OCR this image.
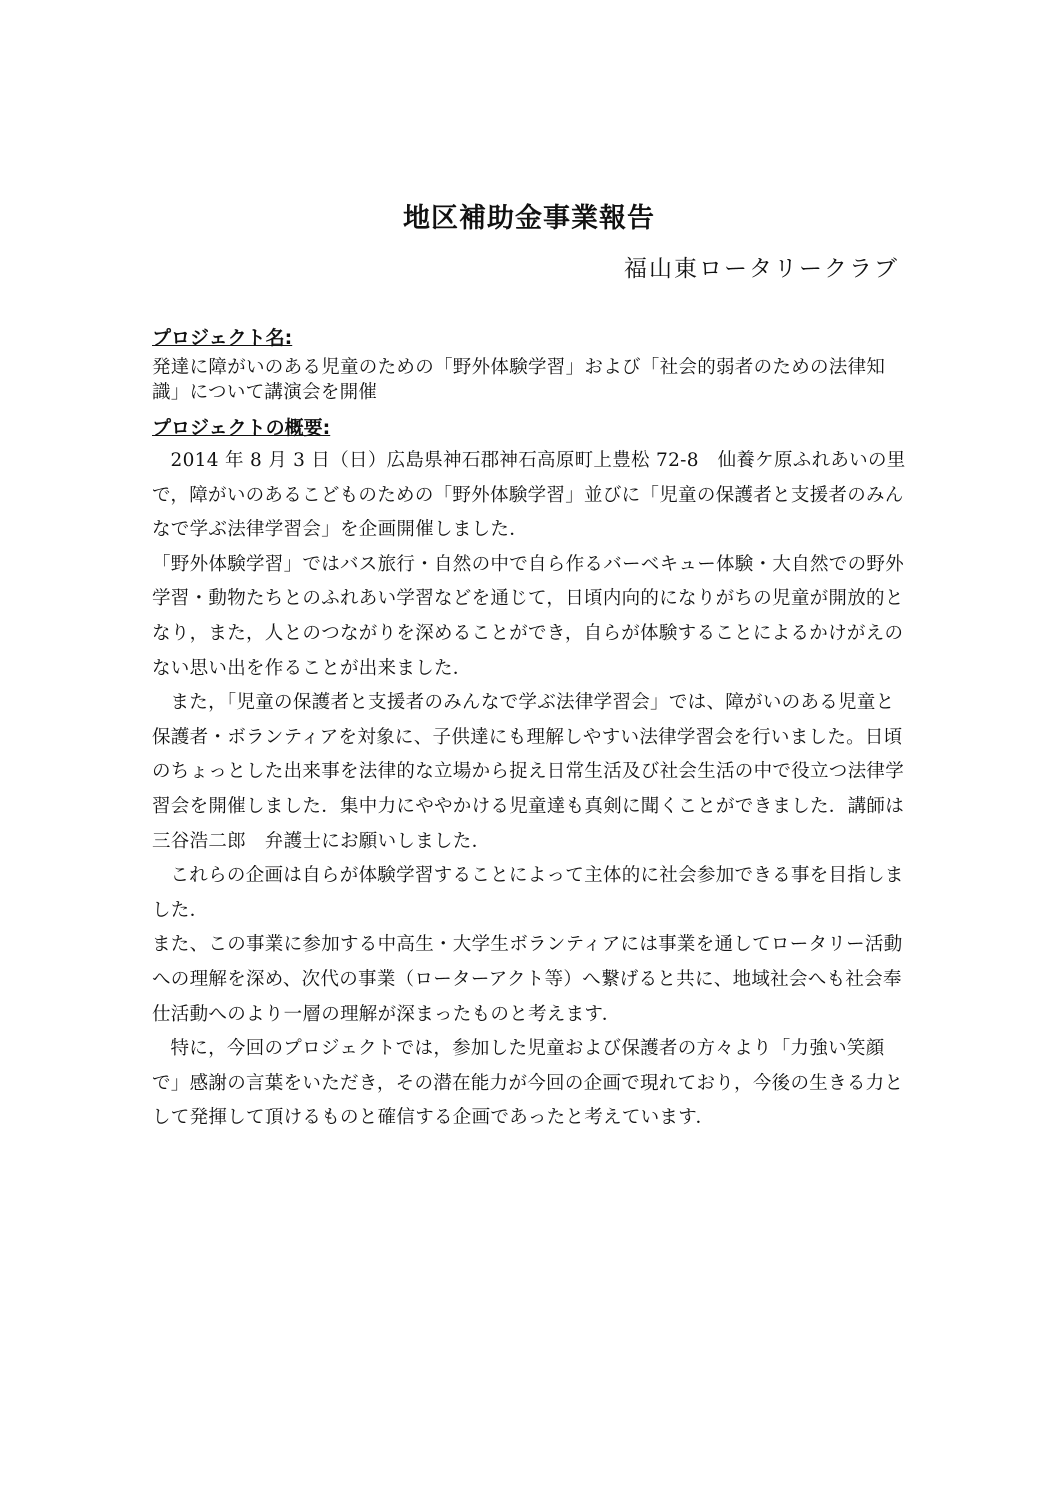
地区補助金事業報告
福山東ロータリークラブ
プロジェクト名:
発達に障がいのある児童のための「野外体験学習」および「社会的弱者のための法律知識」について講演会を開催
プロジェクトの概要:

2014 年 8 月 3 日（日）広島県神石郡神石高原町上豊松 72-8　仙養ケ原ふれあいの里で，障がいのあるこどものための「野外体験学習」並びに「児童の保護者と支援者のみんなで学ぶ法律学習会」を企画開催しました．

「野外体験学習」ではバス旅行・自然の中で自ら作るバーベキュー体験・大自然での野外学習・動物たちとのふれあい学習などを通じて，日頃内向的になりがちの児童が開放的となり，また，人とのつながりを深めることができ，自らが体験することによるかけがえのない思い出を作ることが出来ました．

また，「児童の保護者と支援者のみんなで学ぶ法律学習会」では、障がいのある児童と保護者・ボランティアを対象に、子供達にも理解しやすい法律学習会を行いました。日頃のちょっとした出来事を法律的な立場から捉え日常生活及び社会生活の中で役立つ法律学習会を開催しました．集中力にややかける児童達も真剣に聞くことができました．講師は三谷浩二郎　弁護士にお願いしました．

これらの企画は自らが体験学習することによって主体的に社会参加できる事を目指しました．

また、この事業に参加する中高生・大学生ボランティアには事業を通してロータリー活動への理解を深め、次代の事業（ローターアクト等）へ繋げると共に、地域社会へも社会奉仕活動へのより一層の理解が深まったものと考えます．

特に，今回のプロジェクトでは，参加した児童および保護者の方々より「力強い笑顔で」感謝の言葉をいただき，その潜在能力が今回の企画で現れており，今後の生きる力として発揮して頂けるものと確信する企画であったと考えています．
